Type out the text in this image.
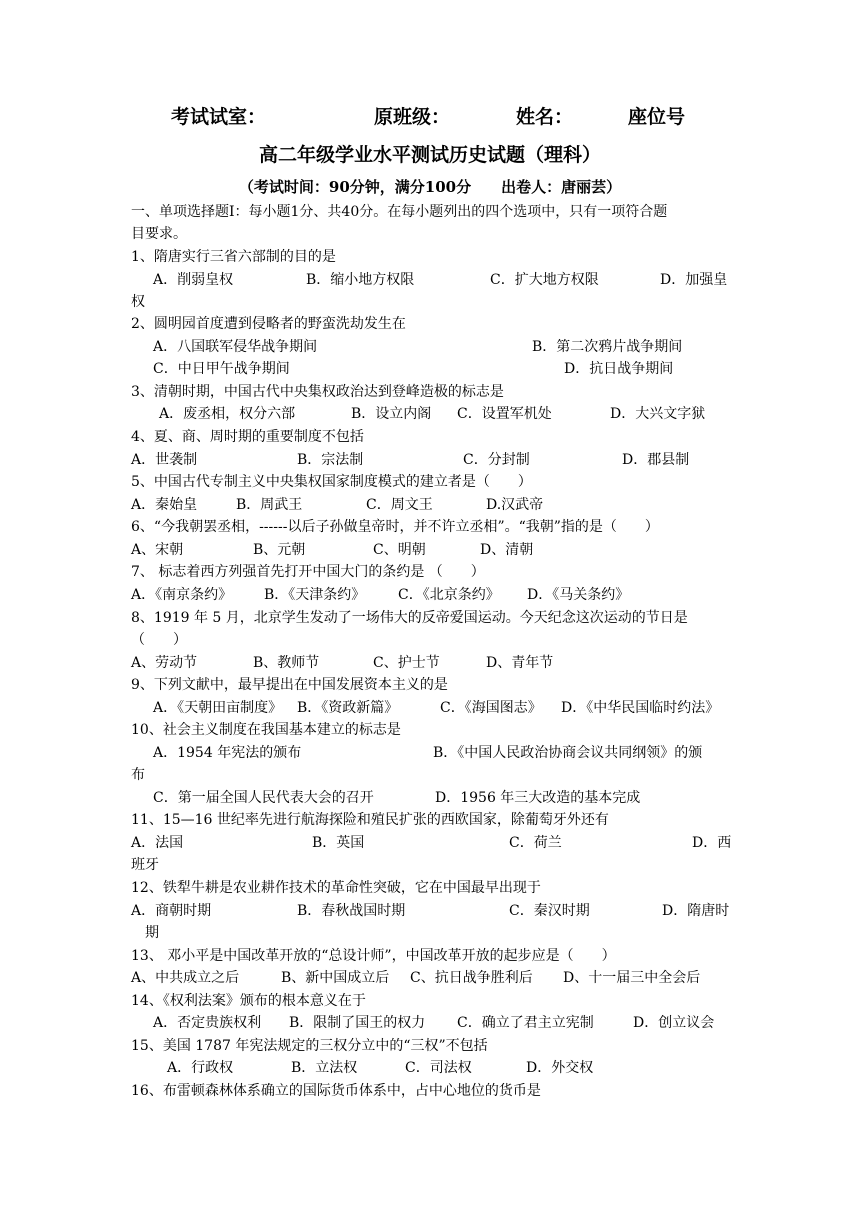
考试试室：	原班级：	姓名：	座位号
高二年级学业水平测试历史试题（理科）
（考试时间：90分钟，满分100分　　出卷人：唐丽芸）
一、单项选择题Ⅰ：每小题1分、共40分。在每小题列出的四个选项中，只有一项符合题
目要求。
1、隋唐实行三省六部制的目的是
A．削弱皇权	B．缩小地方权限	C．扩大地方权限	D．加强皇
权
2、圆明园首度遭到侵略者的野蛮洗劫发生在
A．八国联军侵华战争期间	B．第二次鸦片战争期间
C．中日甲午战争期间	D．抗日战争期间
3、清朝时期，中国古代中央集权政治达到登峰造极的标志是
A．废丞相，权分六部	B．设立内阁 C．设置军机处	D．大兴文字狱
4、夏、商、周时期的重要制度不包括
A．世袭制	B．宗法制	C．分封制	D．郡县制
5、中国古代专制主义中央集权国家制度模式的建立者是（　　）
A．秦始皇	B．周武王	C．周文王	D.汉武帝
6、“今我朝罢丞相，------以后子孙做皇帝时，并不许立丞相”。“我朝”指的是（　　）
A、宋朝	B、元朝	C、明朝	D、清朝
7、 标志着西方列强首先打开中国大门的条约是 （　　）
A．《南京条约》 B．《天津条约》 C．《北京条约》 D．《马关条约》
8、1919 年 5 月，北京学生发动了一场伟大的反帝爱国运动。今天纪念这次运动的节日是
（　　）
A、劳动节	B、教师节	C、护士节	D、青年节
9、下列文献中，最早提出在中国发展资本主义的是
A．《天朝田亩制度》 B．《资政新篇》	C．《海国图志》 D．《中华民国临时约法》
10、社会主义制度在我国基本建立的标志是
A．1954 年宪法的颁布	B．《中国人民政治协商会议共同纲领》的颁
布
C．第一届全国人民代表大会的召开	D．1956 年三大改造的基本完成
11、15—16 世纪率先进行航海探险和殖民扩张的西欧国家，除葡萄牙外还有
A．法国	B．英国	C．荷兰	D．西
班牙
12、铁犁牛耕是农业耕作技术的革命性突破，它在中国最早出现于
A．商朝时期	B．春秋战国时期	C．秦汉时期	D．隋唐时
期
13、 邓小平是中国改革开放的“总设计师”，中国改革开放的起步应是（　　）
A、中共成立之后	B、新中国成立后 C、抗日战争胜利后 D、十一届三中全会后
14、《权利法案》颁布的根本意义在于
A．否定贵族权利 B．限制了国王的权力 C．确立了君主立宪制	D．创立议会
15、美国 1787 年宪法规定的三权分立中的“三权”不包括
A．行政权	B．立法权	C．司法权	D．外交权
16、布雷顿森林体系确立的国际货币体系中，占中心地位的货币是
